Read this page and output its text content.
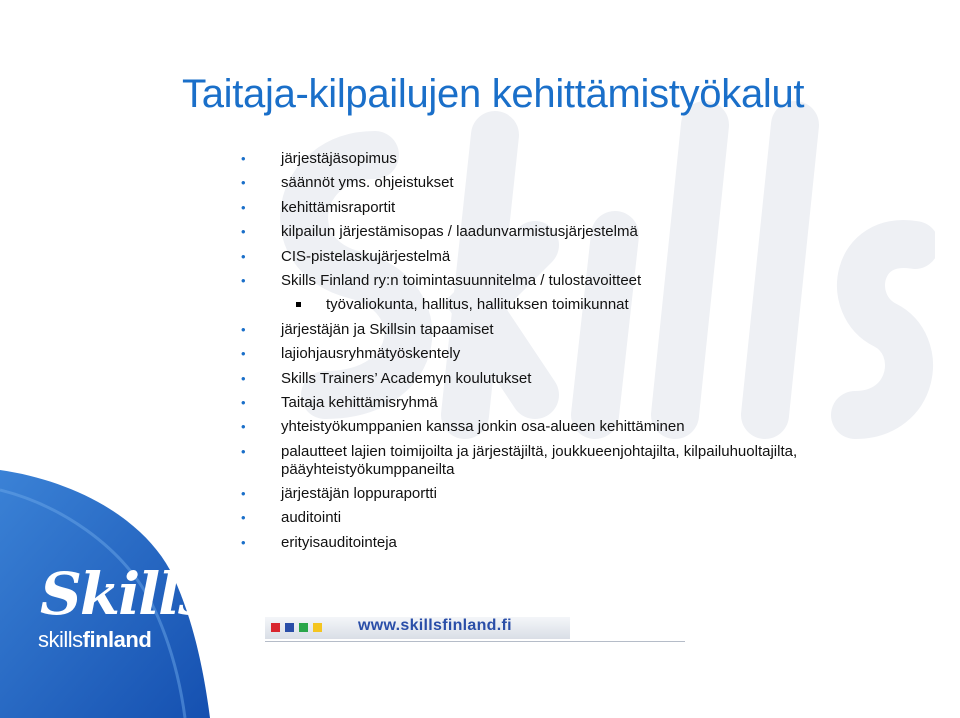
Taitaja-kilpailujen kehittämistyökalut
• järjestäjäsopimus
• säännöt yms. ohjeistukset
• kehittämisraportit
• kilpailun järjestämisopas / laadunvarmistusjärjestelmä
• CIS-pistelaskujärjestelmä
• Skills Finland ry:n toimintasuunnitelma / tulostavoitteet
työvaliokunta, hallitus, hallituksen toimikunnat
• järjestäjän ja Skillsin tapaamiset
• lajiohjausryhmätyöskentely
• Skills Trainers’ Academyn koulutukset
• Taitaja kehittämisryhmä
• yhteistyökumppanien kanssa jonkin osa-alueen kehittäminen
• palautteet lajien toimijoilta ja järjestäjiltä, joukkueenjohtajilta, kilpailuhuoltajilta, pääyhteistyökumppaneilta
• järjestäjän loppuraportti
• auditointi
• erityisauditointeja
Skills
skillsfinland
www.skillsfinland.fi
